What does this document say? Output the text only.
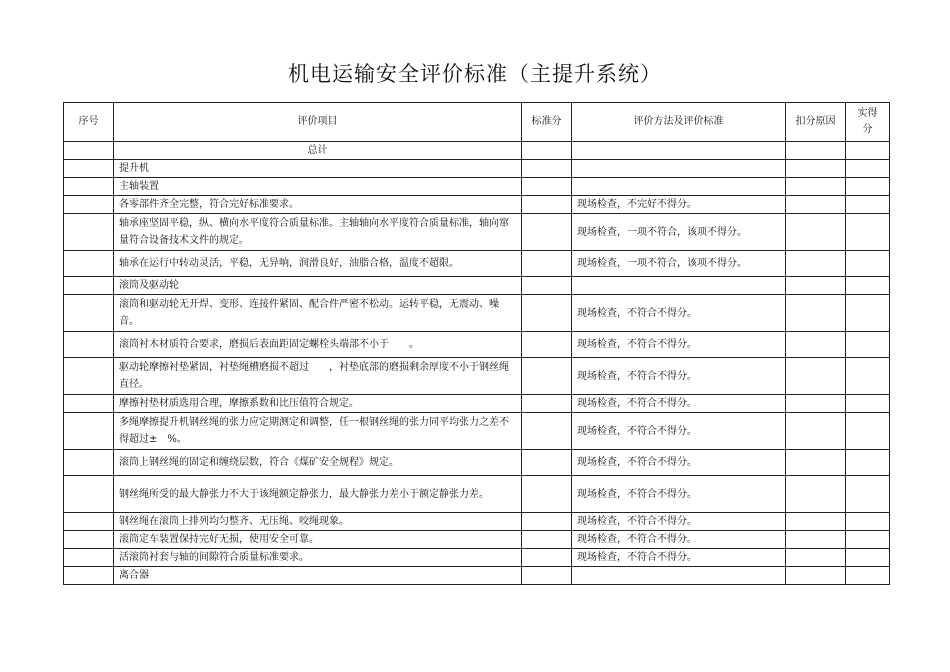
机电运输安全评价标准（主提升系统）
序号	评价项目	标准分	评价方法及评价标准	扣分原因	实得
分
	总计				
	提升机				
	主轴装置				
	各零部件齐全完整，符合完好标准要求。		现场检查，不完好不得分。		
	轴承座坚固平稳，纵、横向水平度符合质量标准。主轴轴向水平度符合质量标准，轴向窜量符合设备技术文件的规定。		现场检查，一项不符合，该项不得分。		
	轴承在运行中转动灵活，平稳，无异响，润滑良好，油脂合格，温度不超限。		现场检查，一项不符合，该项不得分。		
	滚筒及驱动轮				
	滚筒和驱动轮无开焊、变形、连接件紧固、配合件严密不松动。运转平稳，无震动、噪音。		现场检查，不符合不得分。		
	滚筒衬木材质符合要求，磨损后表面距固定螺栓头端部不小于　　。		现场检查，不符合不得分。		
	驱动轮摩擦衬垫紧固，衬垫绳槽磨损不超过　　，衬垫底部的磨损剩余厚度不小于钢丝绳直径。		现场检查，不符合不得分。		
	摩擦衬垫材质选用合理，摩擦系数和比压值符合规定。		现场检查，不符合不得分。		
	多绳摩擦提升机钢丝绳的张力应定期测定和调整，任一根钢丝绳的张力同平均张力之差不得超过±　%。		现场检查，不符合不得分。		
	滚筒上钢丝绳的固定和缠绕层数，符合《煤矿安全规程》规定。		现场检查，不符合不得分。		
	钢丝绳所受的最大静张力不大于该绳额定静张力，最大静张力差小于额定静张力差。		现场检查，不符合不得分。		
	钢丝绳在滚筒上排列均匀整齐、无压绳、咬绳现象。		现场检查，不符合不得分。		
	滚筒定车装置保持完好无损，使用安全可靠。		现场检查，不符合不得分。		
	活滚筒衬套与轴的间隙符合质量标准要求。		现场检查，不符合不得分。		
	离合器				
